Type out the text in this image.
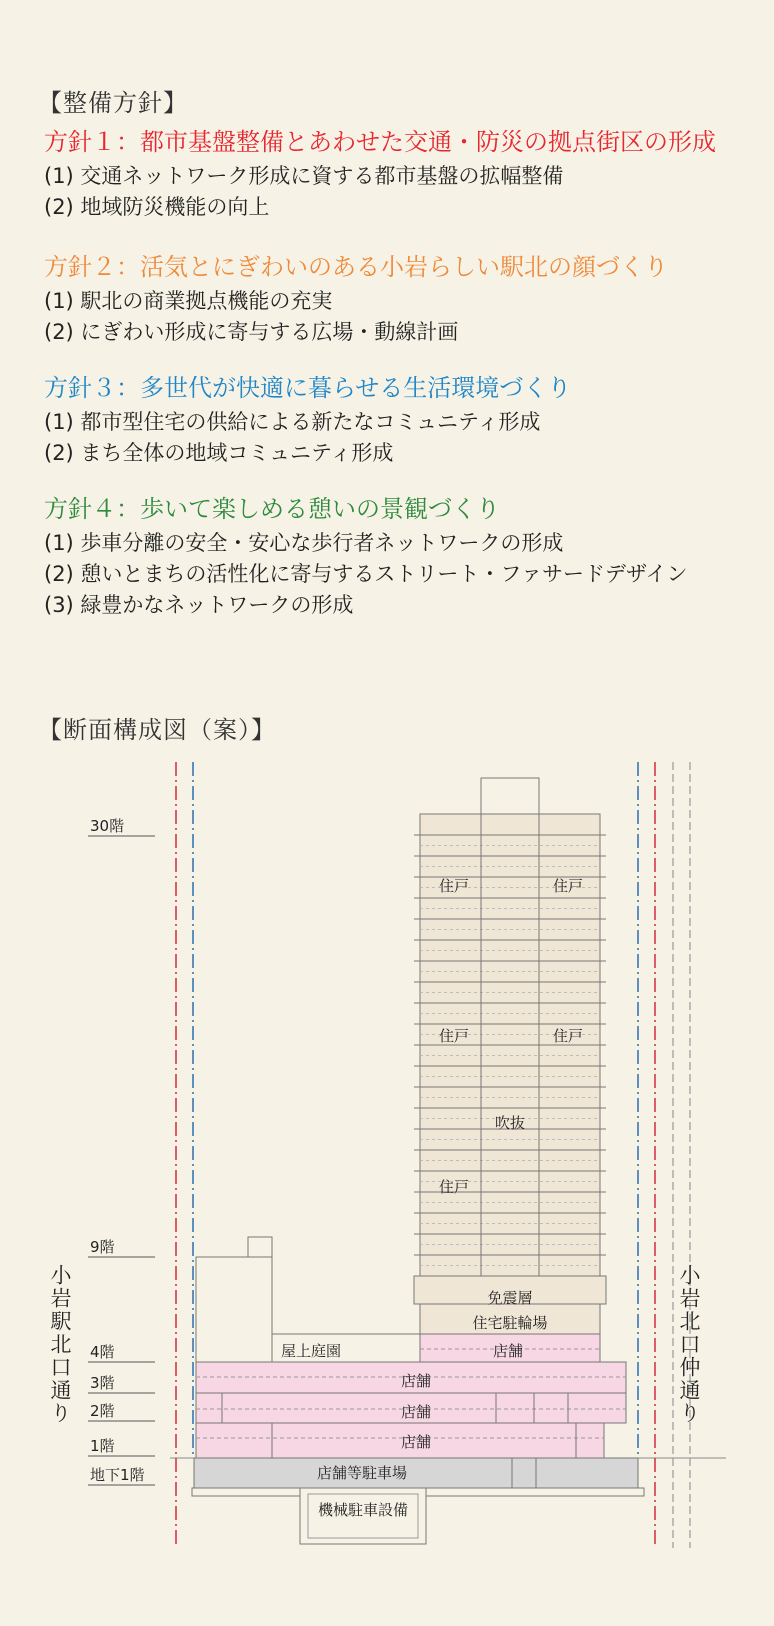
【整備方針】
方針１：都市基盤整備とあわせた交通・防災の拠点街区の形成
(1) 交通ネットワーク形成に資する都市基盤の拡幅整備
(2) 地域防災機能の向上
方針２：活気とにぎわいのある小岩らしい駅北の顔づくり
(1) 駅北の商業拠点機能の充実
(2) にぎわい形成に寄与する広場・動線計画
方針３：多世代が快適に暮らせる生活環境づくり
(1) 都市型住宅の供給による新たなコミュニティ形成
(2) まち全体の地域コミュニティ形成
方針４：歩いて楽しめる憩いの景観づくり
(1) 歩車分離の安全・安心な歩行者ネットワークの形成
(2) 憩いとまちの活性化に寄与するストリート・ファサードデザイン
(3) 緑豊かなネットワークの形成
【断面構成図（案）】
30階
9階
4階
3階
2階
1階
地下1階
小岩駅北口通り	小岩北口仲通り
住戸	住戸
住戸	住戸
吹抜
住戸
免震層
住宅駐輪場
店舗
屋上庭園
店舗
店舗
店舗
店舗等駐車場
機械駐車設備
